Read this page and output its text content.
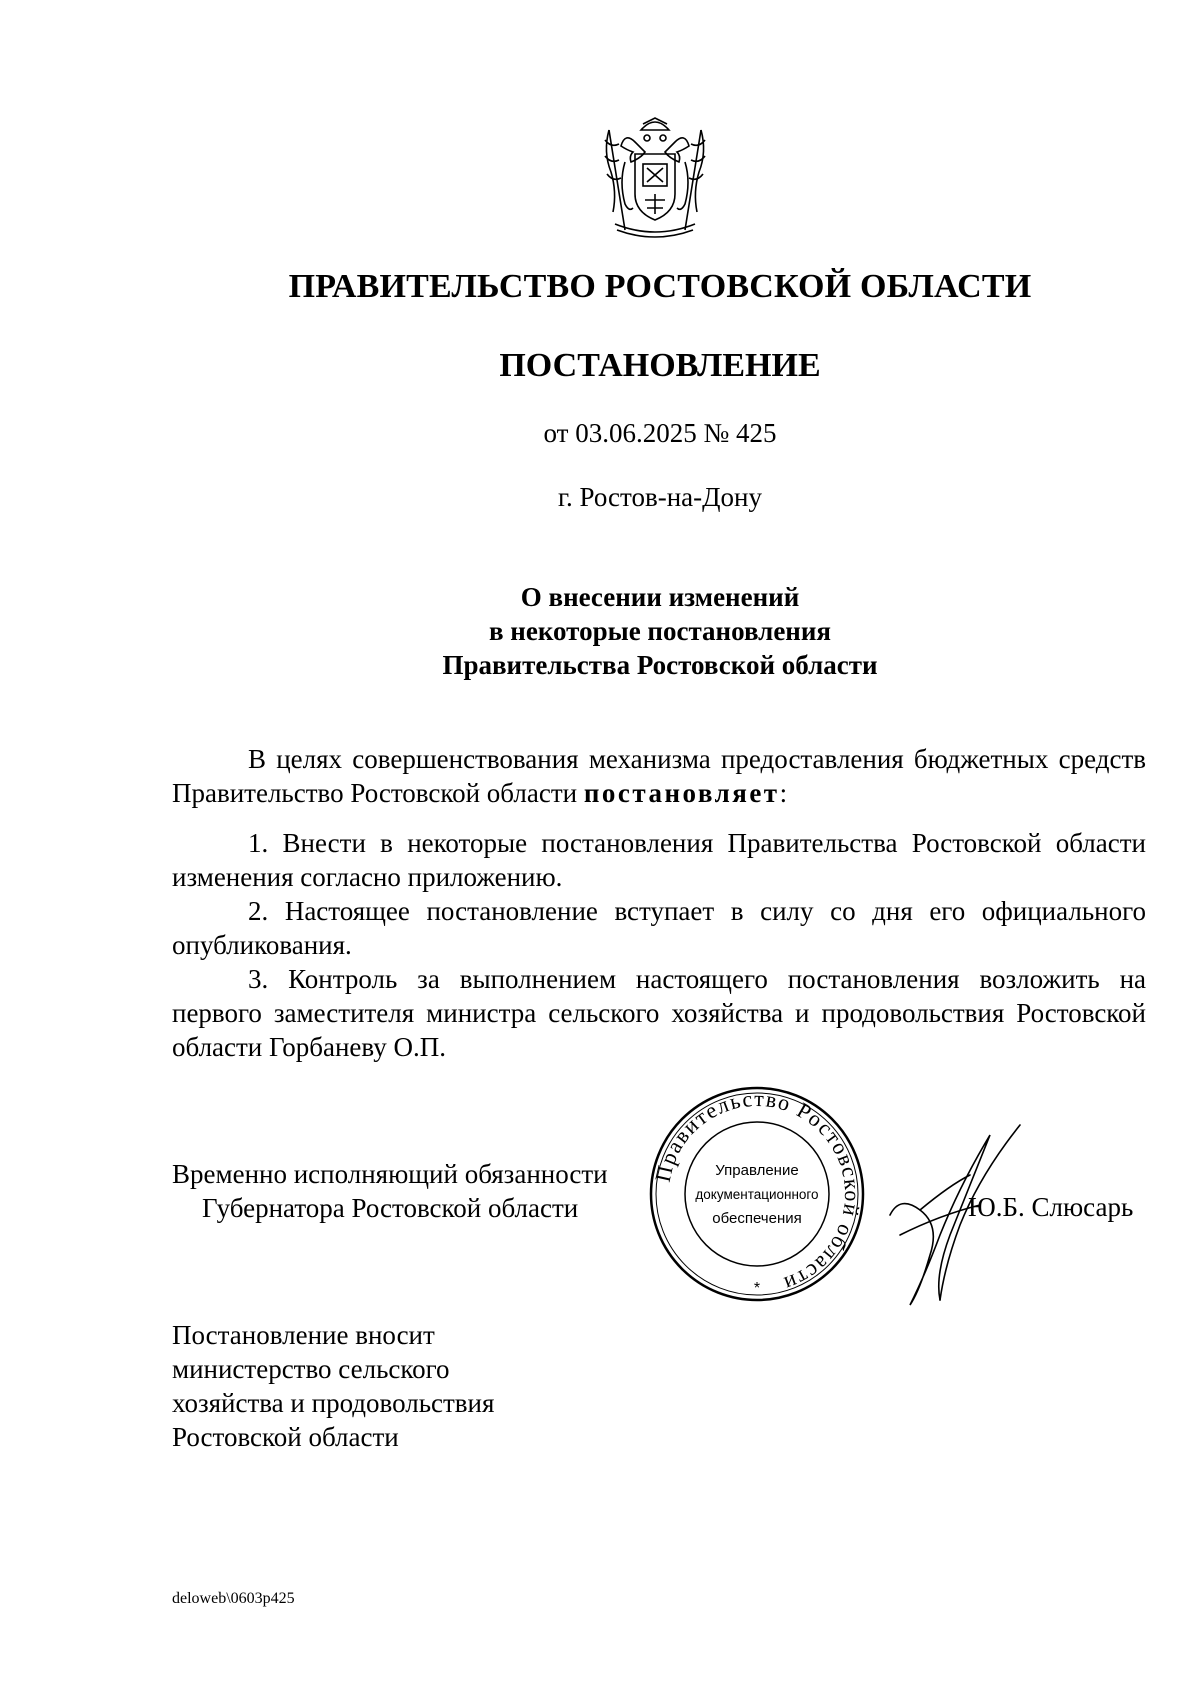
ПРАВИТЕЛЬСТВО РОСТОВСКОЙ ОБЛАСТИ
ПОСТАНОВЛЕНИЕ
от 03.06.2025 № 425
г. Ростов-на-Дону
О внесении изменений
в некоторые постановления
Правительства Ростовской области

В целях совершенствования механизма предоставления бюджетных средств Правительство Ростовской области постановляет:

1. Внести в некоторые постановления Правительства Ростовской области изменения согласно приложению.

2. Настоящее постановление вступает в силу со дня его официального опубликования.

3. Контроль за выполнением настоящего постановления возложить на первого заместителя министра сельского хозяйства и продовольствия Ростовской области Горбаневу О.П.

Временно исполняющий обязанности
Губернатора Ростовской области
Правительство Ростовской области
Управление
документационного
обеспечения
*
Ю.Б. Слюсарь
Постановление вносит
министерство сельского
хозяйства и продовольствия
Ростовской области
deloweb\0603p425
